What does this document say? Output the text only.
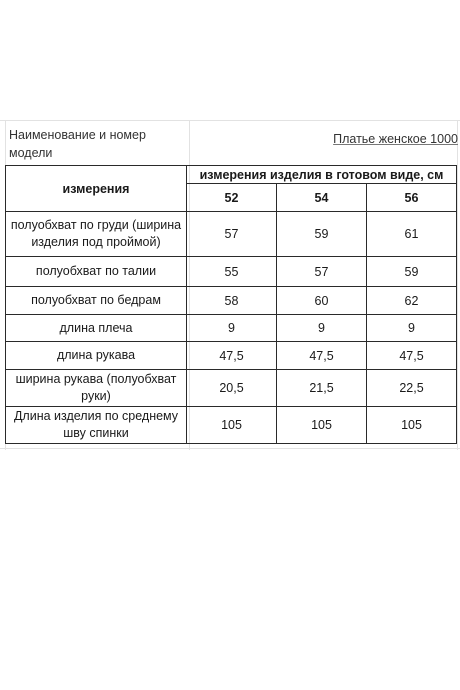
Наименование и номер модели
Платье женское 1000
измерения	измерения изделия в готовом виде, см		
	52	54	56
полуобхват по груди (ширина изделия под проймой)	57	59	61
полуобхват по талии	55	57	59
полуобхват по бедрам	58	60	62
длина плеча	9	9	9
длина рукава	47,5	47,5	47,5
ширина рукава (полуобхват руки)	20,5	21,5	22,5
Длина изделия по среднему шву спинки	105	105	105
